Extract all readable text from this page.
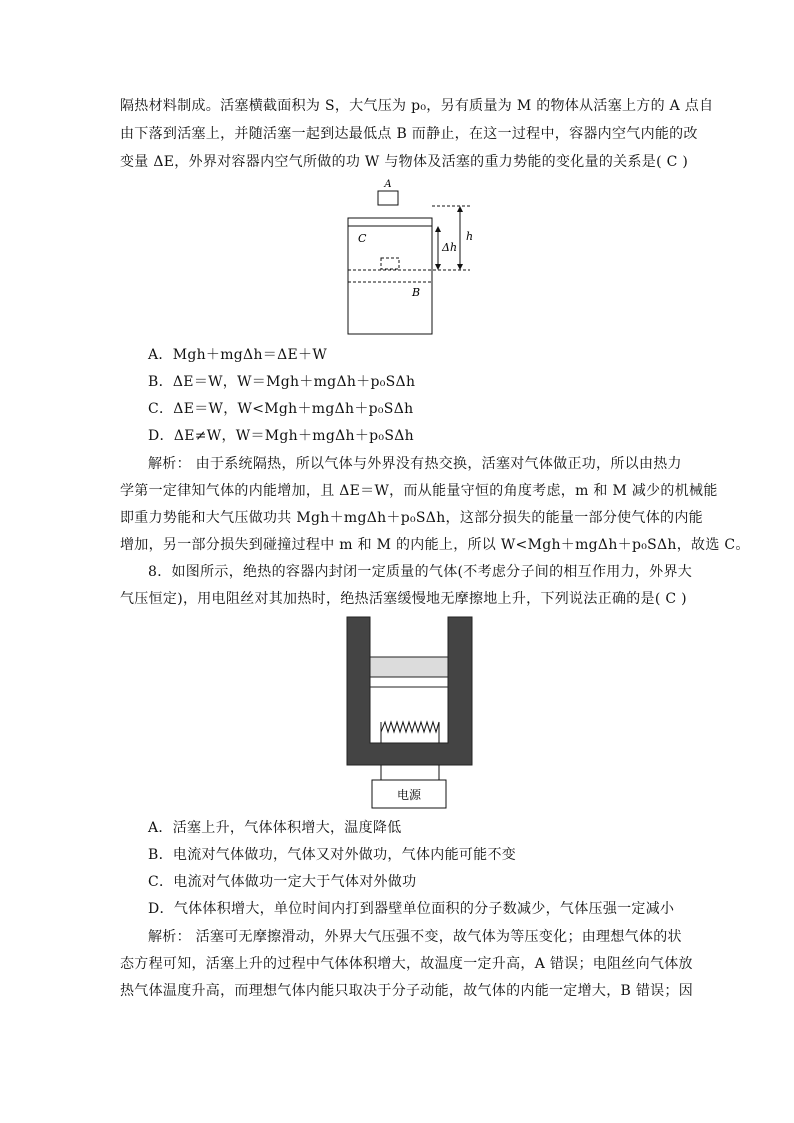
隔热材料制成。活塞横截面积为 S，大气压为 p₀，另有质量为 M 的物体从活塞上方的 A 点自
由下落到活塞上，并随活塞一起到达最低点 B 而静止，在这一过程中，容器内空气内能的改
变量 ΔE，外界对容器内空气所做的功 W 与物体及活塞的重力势能的变化量的关系是( C )
A
C
B
Δh
h
A．Mgh＋mgΔh＝ΔE＋W
B．ΔE＝W，W＝Mgh＋mgΔh＋p₀SΔh
C．ΔE＝W，W<Mgh＋mgΔh＋p₀SΔh
D．ΔE≠W，W＝Mgh＋mgΔh＋p₀SΔh
解析： 由于系统隔热，所以气体与外界没有热交换，活塞对气体做正功，所以由热力
学第一定律知气体的内能增加，且 ΔE＝W，而从能量守恒的角度考虑，m 和 M 减少的机械能
即重力势能和大气压做功共 Mgh＋mgΔh＋p₀SΔh，这部分损失的能量一部分使气体的内能
增加，另一部分损失到碰撞过程中 m 和 M 的内能上，所以 W<Mgh＋mgΔh＋p₀SΔh，故选 C。
8．如图所示，绝热的容器内封闭一定质量的气体(不考虑分子间的相互作用力，外界大
气压恒定)，用电阻丝对其加热时，绝热活塞缓慢地无摩擦地上升，下列说法正确的是( C )
电源
A．活塞上升，气体体积增大，温度降低
B．电流对气体做功，气体又对外做功，气体内能可能不变
C．电流对气体做功一定大于气体对外做功
D．气体体积增大，单位时间内打到器壁单位面积的分子数减少，气体压强一定减小
解析： 活塞可无摩擦滑动，外界大气压强不变，故气体为等压变化；由理想气体的状
态方程可知，活塞上升的过程中气体体积增大，故温度一定升高，A 错误；电阻丝向气体放
热气体温度升高，而理想气体内能只取决于分子动能，故气体的内能一定增大，B 错误；因
